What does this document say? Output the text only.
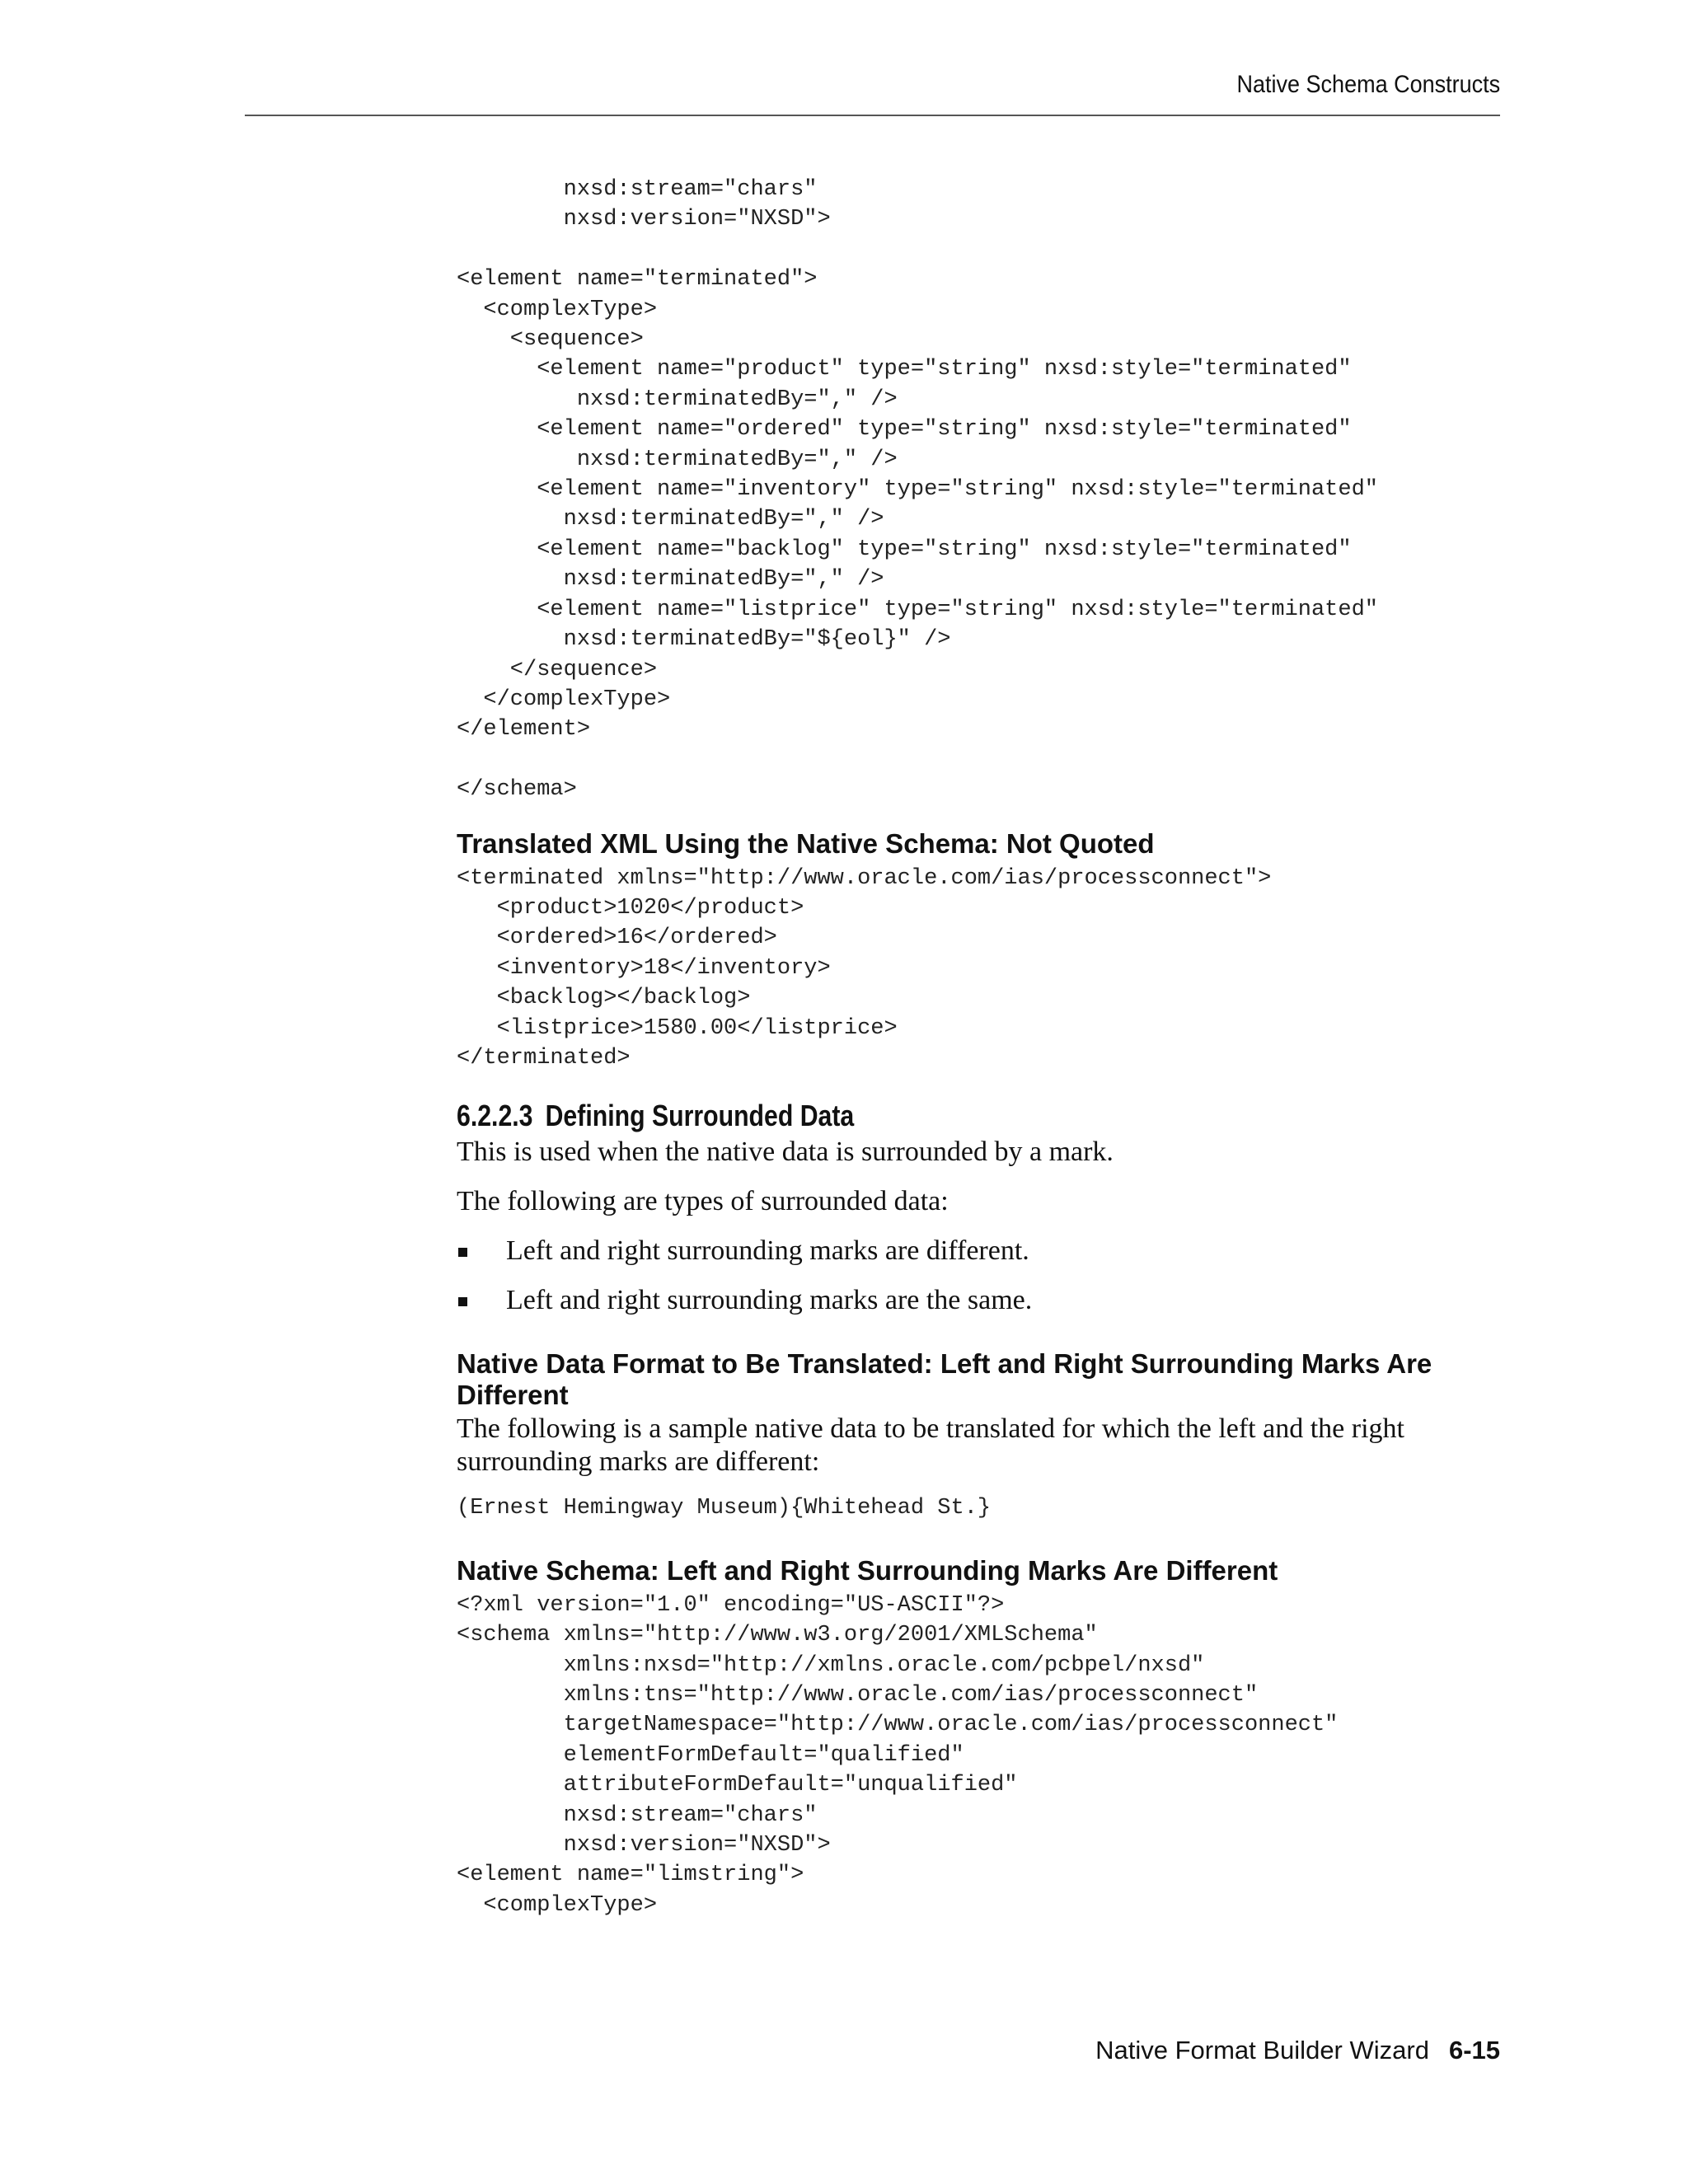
Native Schema Constructs
nxsd:stream="chars"
nxsd:version="NXSD">

<element name="terminated">
<complexType>
<sequence>
<element name="product" type="string" nxsd:style="terminated"
nxsd:terminatedBy="," />
<element name="ordered" type="string" nxsd:style="terminated"
nxsd:terminatedBy="," />
<element name="inventory" type="string" nxsd:style="terminated"
nxsd:terminatedBy="," />
<element name="backlog" type="string" nxsd:style="terminated"
nxsd:terminatedBy="," />
<element name="listprice" type="string" nxsd:style="terminated"
nxsd:terminatedBy="${eol}" />
</sequence>
</complexType>
</element>

</schema>
Translated XML Using the Native Schema: Not Quoted
<terminated xmlns="http://www.oracle.com/ias/processconnect">
<product>1020</product>
<ordered>16</ordered>
<inventory>18</inventory>
<backlog></backlog>
<listprice>1580.00</listprice>
</terminated>
6.2.2.3 Defining Surrounded Data

This is used when the native data is surrounded by a mark.

The following are types of surrounded data:

Left and right surrounding marks are different.
Left and right surrounding marks are the same.
Native Data Format to Be Translated: Left and Right Surrounding Marks Are Different

The following is a sample native data to be translated for which the left and the right surrounding marks are different:

(Ernest Hemingway Museum){Whitehead St.}
Native Schema: Left and Right Surrounding Marks Are Different
<?xml version="1.0" encoding="US-ASCII"?>
<schema xmlns="http://www.w3.org/2001/XMLSchema"
xmlns:nxsd="http://xmlns.oracle.com/pcbpel/nxsd"
xmlns:tns="http://www.oracle.com/ias/processconnect"
targetNamespace="http://www.oracle.com/ias/processconnect"
elementFormDefault="qualified"
attributeFormDefault="unqualified"
nxsd:stream="chars"
nxsd:version="NXSD">
<element name="limstring">
<complexType>
Native Format Builder Wizard 6-15
